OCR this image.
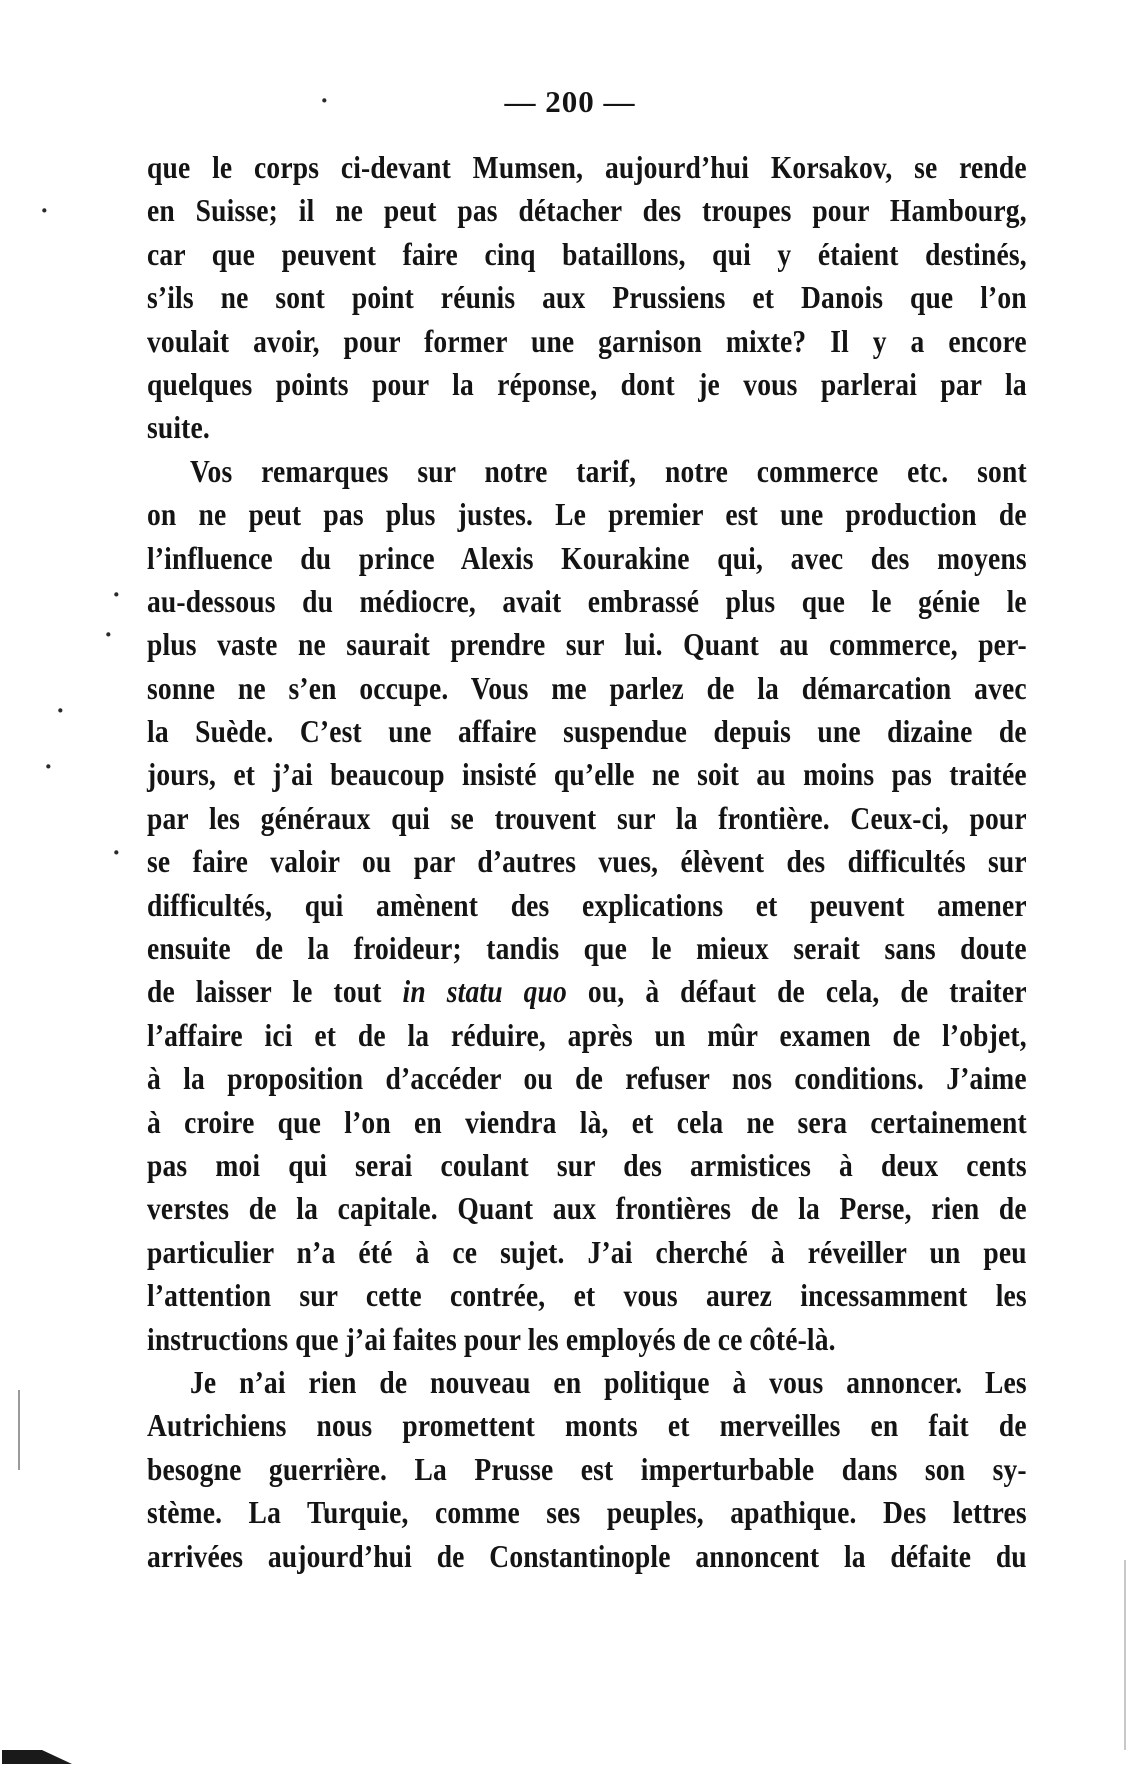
— 200 —
que le corps ci-devant Mumsen, aujourd’hui Korsakov, se rende
en Suisse; il ne peut pas détacher des troupes pour Hambourg,
car que peuvent faire cinq bataillons, qui y étaient destinés,
s’ils ne sont point réunis aux Prussiens et Danois que l’on
voulait avoir, pour former une garnison mixte? Il y a encore
quelques points pour la réponse, dont je vous parlerai par la
suite.
Vos remarques sur notre tarif, notre commerce etc. sont
on ne peut pas plus justes. Le premier est une production de
l’influence du prince Alexis Kourakine qui, avec des moyens
au-dessous du médiocre, avait embrassé plus que le génie le
plus vaste ne saurait prendre sur lui. Quant au commerce, per-
sonne ne s’en occupe. Vous me parlez de la démarcation avec
la Suède. C’est une affaire suspendue depuis une dizaine de
jours, et j’ai beaucoup insisté qu’elle ne soit au moins pas traitée
par les généraux qui se trouvent sur la frontière. Ceux-ci, pour
se faire valoir ou par d’autres vues, élèvent des difficultés sur
difficultés, qui amènent des explications et peuvent amener
ensuite de la froideur; tandis que le mieux serait sans doute
de laisser le tout in statu quo ou, à défaut de cela, de traiter
l’affaire ici et de la réduire, après un mûr examen de l’objet,
à la proposition d’accéder ou de refuser nos conditions. J’aime
à croire que l’on en viendra là, et cela ne sera certainement
pas moi qui serai coulant sur des armistices à deux cents
verstes de la capitale. Quant aux frontières de la Perse, rien de
particulier n’a été à ce sujet. J’ai cherché à réveiller un peu
l’attention sur cette contrée, et vous aurez incessamment les
instructions que j’ai faites pour les employés de ce côté-là.
Je n’ai rien de nouveau en politique à vous annoncer. Les
Autrichiens nous promettent monts et merveilles en fait de
besogne guerrière. La Prusse est imperturbable dans son sy-
stème. La Turquie, comme ses peuples, apathique. Des lettres
arrivées aujourd’hui de Constantinople annoncent la défaite du
·
·
·
·
·
·
·
